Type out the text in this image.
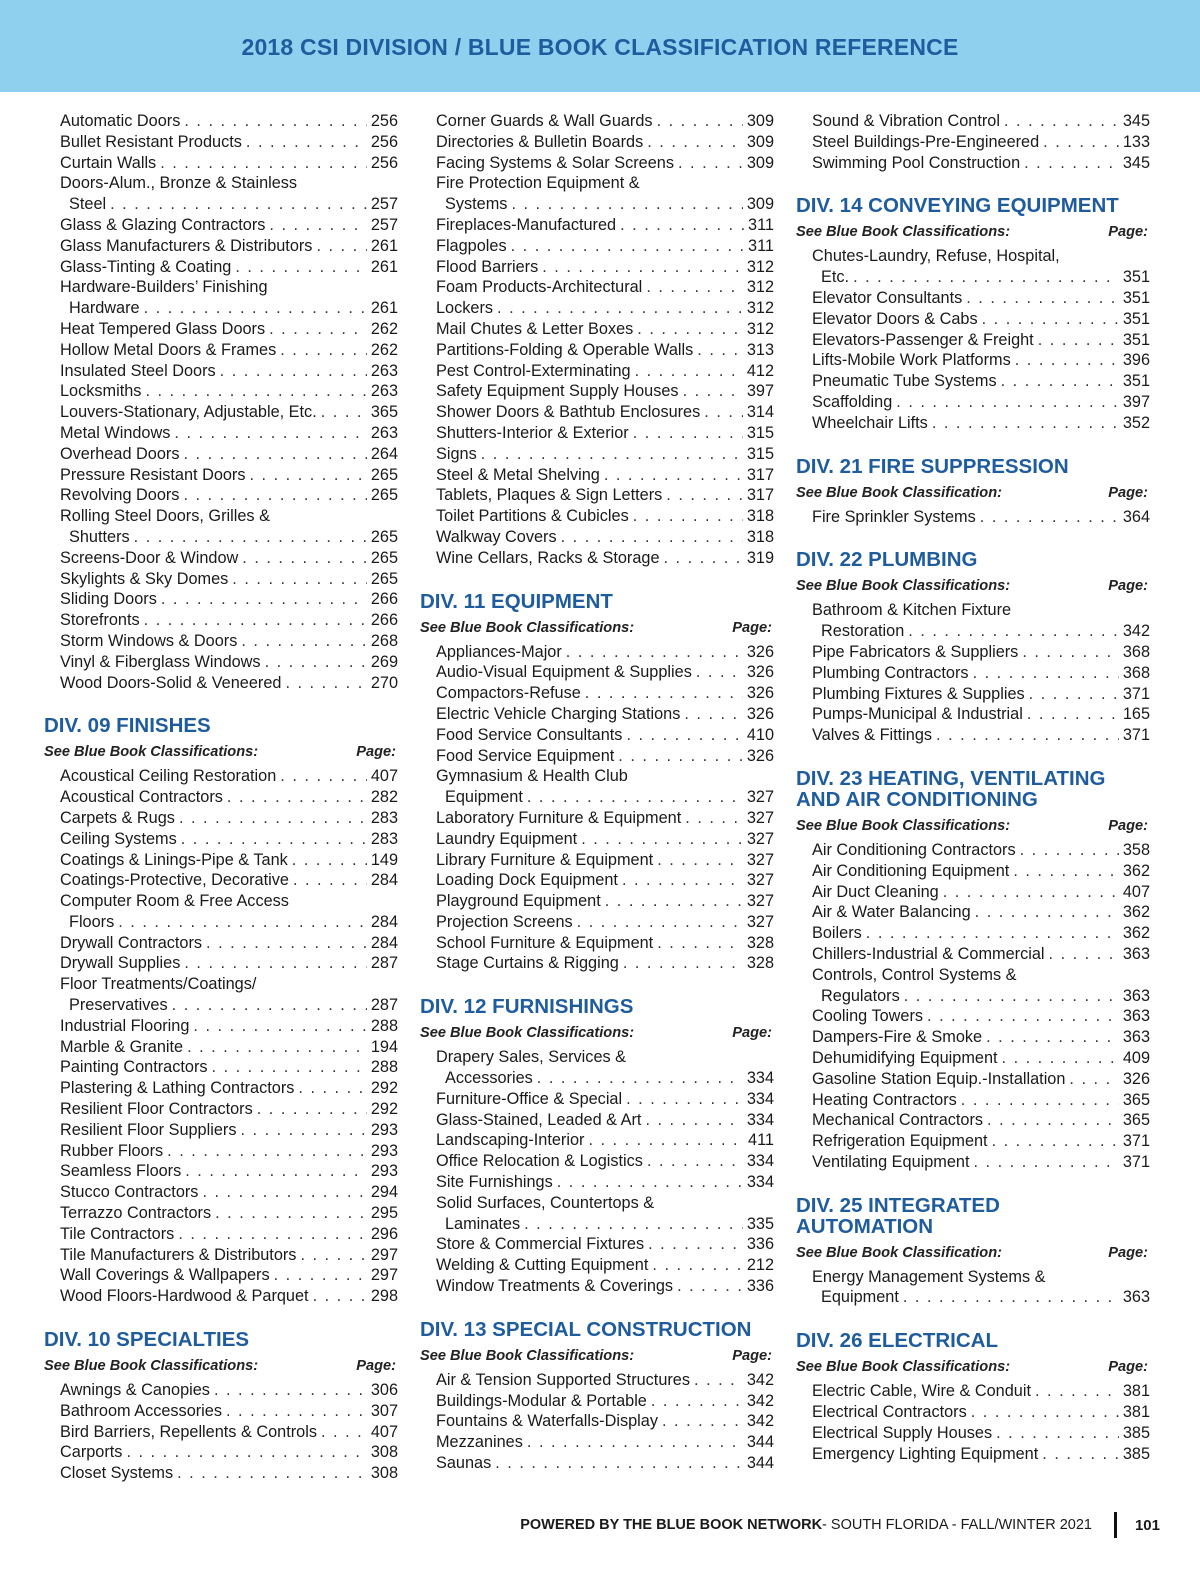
2018 CSI DIVISION / BLUE BOOK CLASSIFICATION REFERENCE
Automatic Doors . . .	256
Bullet Resistant Products . . .	256
Curtain Walls . . .	256
Doors-Alum., Bronze & Stainless
Steel . . .	257
Glass & Glazing Contractors . . .	257
Glass Manufacturers & Distributors . . .	261
Glass-Tinting & Coating . . .	261
Hardware-Builders’ Finishing
Hardware . . .	261
Heat Tempered Glass Doors . . .	262
Hollow Metal Doors & Frames . . .	262
Insulated Steel Doors . . .	263
Locksmiths . . .	263
Louvers-Stationary, Adjustable, Etc. . . .	365
Metal Windows . . .	263
Overhead Doors . . .	264
Pressure Resistant Doors . . .	265
Revolving Doors . . .	265
Rolling Steel Doors, Grilles &
Shutters . . .	265
Screens-Door & Window . . .	265
Skylights & Sky Domes . . .	265
Sliding Doors . . .	266
Storefronts . . .	266
Storm Windows & Doors . . .	268
Vinyl & Fiberglass Windows . . .	269
Wood Doors-Solid & Veneered . . .	270
DIV. 09 FINISHES
See Blue Book Classifications:	Page:
Acoustical Ceiling Restoration . . .	407
Acoustical Contractors . . .	282
Carpets & Rugs . . .	283
Ceiling Systems . . .	283
Coatings & Linings-Pipe & Tank . . .	149
Coatings-Protective, Decorative . . .	284
Computer Room & Free Access
Floors . . .	284
Drywall Contractors . . .	284
Drywall Supplies . . .	287
Floor Treatments/Coatings/
Preservatives . . .	287
Industrial Flooring . . .	288
Marble & Granite . . .	194
Painting Contractors . . .	288
Plastering & Lathing Contractors . . .	292
Resilient Floor Contractors . . .	292
Resilient Floor Suppliers . . .	293
Rubber Floors . . .	293
Seamless Floors . . .	293
Stucco Contractors . . .	294
Terrazzo Contractors . . .	295
Tile Contractors . . .	296
Tile Manufacturers & Distributors . . .	297
Wall Coverings & Wallpapers . . .	297
Wood Floors-Hardwood & Parquet . . .	298
DIV. 10 SPECIALTIES
See Blue Book Classifications:	Page:
Awnings & Canopies . . .	306
Bathroom Accessories . . .	307
Bird Barriers, Repellents & Controls . . .	407
Carports . . .	308
Closet Systems . . .	308
Corner Guards & Wall Guards . . .	309
Directories & Bulletin Boards . . .	309
Facing Systems & Solar Screens . . .	309
Fire Protection Equipment &
Systems . . .	309
Fireplaces-Manufactured . . .	311
Flagpoles . . .	311
Flood Barriers . . .	312
Foam Products-Architectural . . .	312
Lockers . . .	312
Mail Chutes & Letter Boxes . . .	312
Partitions-Folding & Operable Walls . . .	313
Pest Control-Exterminating . . .	412
Safety Equipment Supply Houses . . .	397
Shower Doors & Bathtub Enclosures . . .	314
Shutters-Interior & Exterior . . .	315
Signs . . .	315
Steel & Metal Shelving . . .	317
Tablets, Plaques & Sign Letters . . .	317
Toilet Partitions & Cubicles . . .	318
Walkway Covers . . .	318
Wine Cellars, Racks & Storage . . .	319
DIV. 11 EQUIPMENT
See Blue Book Classifications:	Page:
Appliances-Major . . .	326
Audio-Visual Equipment & Supplies . . .	326
Compactors-Refuse . . .	326
Electric Vehicle Charging Stations . . .	326
Food Service Consultants . . .	410
Food Service Equipment . . .	326
Gymnasium & Health Club
Equipment . . .	327
Laboratory Furniture & Equipment . . .	327
Laundry Equipment . . .	327
Library Furniture & Equipment . . .	327
Loading Dock Equipment . . .	327
Playground Equipment . . .	327
Projection Screens . . .	327
School Furniture & Equipment . . .	328
Stage Curtains & Rigging . . .	328
DIV. 12 FURNISHINGS
See Blue Book Classifications:	Page:
Drapery Sales, Services &
Accessories . . .	334
Furniture-Office & Special . . .	334
Glass-Stained, Leaded & Art . . .	334
Landscaping-Interior . . .	411
Office Relocation & Logistics . . .	334
Site Furnishings . . .	334
Solid Surfaces, Countertops &
Laminates . . .	335
Store & Commercial Fixtures . . .	336
Welding & Cutting Equipment . . .	212
Window Treatments & Coverings . . .	336
DIV. 13 SPECIAL CONSTRUCTION
See Blue Book Classifications:	Page:
Air & Tension Supported Structures . . .	342
Buildings-Modular & Portable . . .	342
Fountains & Waterfalls-Display . . .	342
Mezzanines . . .	344
Saunas . . .	344
Sound & Vibration Control . . .	345
Steel Buildings-Pre-Engineered . . .	133
Swimming Pool Construction . . .	345
DIV. 14 CONVEYING EQUIPMENT
See Blue Book Classifications:	Page:
Chutes-Laundry, Refuse, Hospital,
Etc. . . .	351
Elevator Consultants . . .	351
Elevator Doors & Cabs . . .	351
Elevators-Passenger & Freight . . .	351
Lifts-Mobile Work Platforms . . .	396
Pneumatic Tube Systems . . .	351
Scaffolding . . .	397
Wheelchair Lifts . . .	352
DIV. 21 FIRE SUPPRESSION
See Blue Book Classification:	Page:
Fire Sprinkler Systems . . .	364
DIV. 22 PLUMBING
See Blue Book Classifications:	Page:
Bathroom & Kitchen Fixture
Restoration . . .	342
Pipe Fabricators & Suppliers . . .	368
Plumbing Contractors . . .	368
Plumbing Fixtures & Supplies . . .	371
Pumps-Municipal & Industrial . . .	165
Valves & Fittings . . .	371
DIV. 23 HEATING, VENTILATING AND AIR CONDITIONING
See Blue Book Classifications:	Page:
Air Conditioning Contractors . . .	358
Air Conditioning Equipment . . .	362
Air Duct Cleaning . . .	407
Air & Water Balancing . . .	362
Boilers . . .	362
Chillers-Industrial & Commercial . . .	363
Controls, Control Systems &
Regulators . . .	363
Cooling Towers . . .	363
Dampers-Fire & Smoke . . .	363
Dehumidifying Equipment . . .	409
Gasoline Station Equip.-Installation . . .	326
Heating Contractors . . .	365
Mechanical Contractors . . .	365
Refrigeration Equipment . . .	371
Ventilating Equipment . . .	371
DIV. 25 INTEGRATED AUTOMATION
See Blue Book Classification:	Page:
Energy Management Systems &
Equipment . . .	363
DIV. 26 ELECTRICAL
See Blue Book Classifications:	Page:
Electric Cable, Wire & Conduit . . .	381
Electrical Contractors . . .	381
Electrical Supply Houses . . .	385
Emergency Lighting Equipment . . .	385
POWERED BY THE BLUE BOOK NETWORK - SOUTH FLORIDA - FALL/WINTER 2021	101
